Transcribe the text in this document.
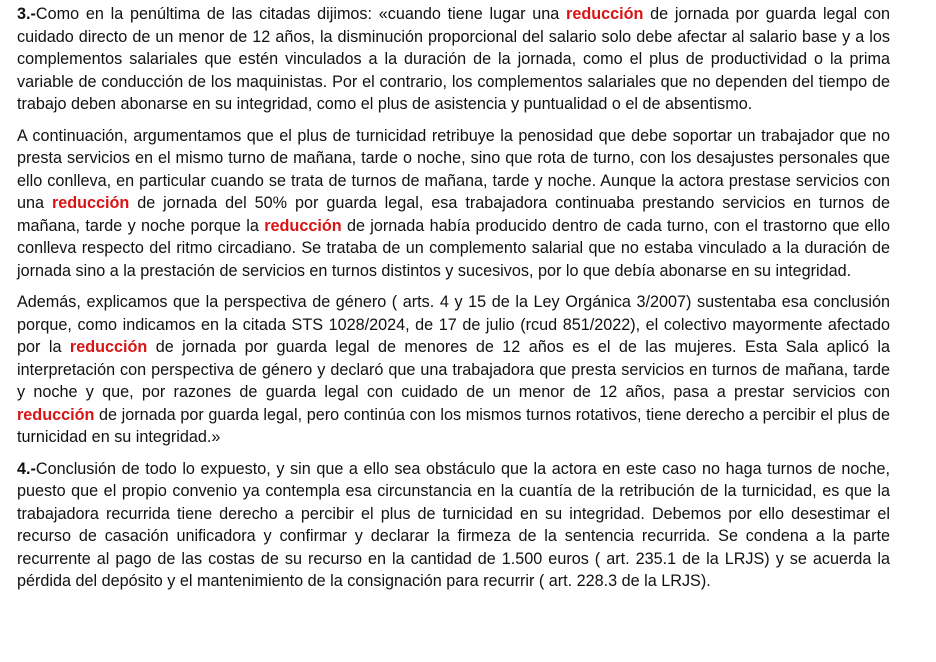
3.-Como en la penúltima de las citadas dijimos: «cuando tiene lugar una reducción de jornada por guarda legal con cuidado directo de un menor de 12 años, la disminución proporcional del salario solo debe afectar al salario base y a los complementos salariales que estén vinculados a la duración de la jornada, como el plus de productividad o la prima variable de conducción de los maquinistas. Por el contrario, los complementos salariales que no dependen del tiempo de trabajo deben abonarse en su integridad, como el plus de asistencia y puntualidad o el de absentismo.

A continuación, argumentamos que el plus de turnicidad retribuye la penosidad que debe soportar un trabajador que no presta servicios en el mismo turno de mañana, tarde o noche, sino que rota de turno, con los desajustes personales que ello conlleva, en particular cuando se trata de turnos de mañana, tarde y noche. Aunque la actora prestase servicios con una reducción de jornada del 50% por guarda legal, esa trabajadora continuaba prestando servicios en turnos de mañana, tarde y noche porque la reducción de jornada había producido dentro de cada turno, con el trastorno que ello conlleva respecto del ritmo circadiano. Se trataba de un complemento salarial que no estaba vinculado a la duración de jornada sino a la prestación de servicios en turnos distintos y sucesivos, por lo que debía abonarse en su integridad.

Además, explicamos que la perspectiva de género ( arts. 4 y 15 de la Ley Orgánica 3/2007) sustentaba esa conclusión porque, como indicamos en la citada STS 1028/2024, de 17 de julio (rcud 851/2022), el colectivo mayormente afectado por la reducción de jornada por guarda legal de menores de 12 años es el de las mujeres. Esta Sala aplicó la interpretación con perspectiva de género y declaró que una trabajadora que presta servicios en turnos de mañana, tarde y noche y que, por razones de guarda legal con cuidado de un menor de 12 años, pasa a prestar servicios con reducción de jornada por guarda legal, pero continúa con los mismos turnos rotativos, tiene derecho a percibir el plus de turnicidad en su integridad.»

4.-Conclusión de todo lo expuesto, y sin que a ello sea obstáculo que la actora en este caso no haga turnos de noche, puesto que el propio convenio ya contempla esa circunstancia en la cuantía de la retribución de la turnicidad, es que la trabajadora recurrida tiene derecho a percibir el plus de turnicidad en su integridad. Debemos por ello desestimar el recurso de casación unificadora y confirmar y declarar la firmeza de la sentencia recurrida. Se condena a la parte recurrente al pago de las costas de su recurso en la cantidad de 1.500 euros ( art. 235.1 de la LRJS) y se acuerda la pérdida del depósito y el mantenimiento de la consignación para recurrir ( art. 228.3 de la LRJS).
